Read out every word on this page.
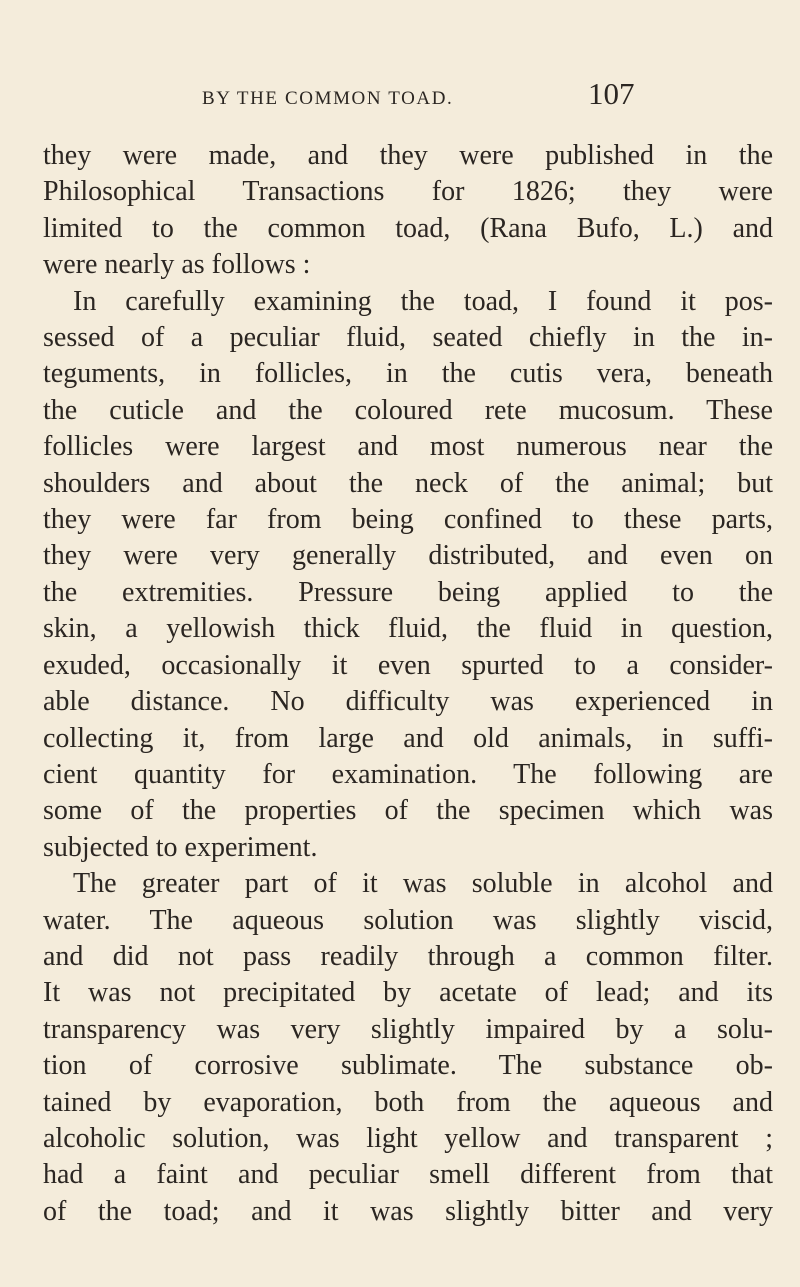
BY THE COMMON TOAD.	107
they were made, and they were published in the
Philosophical Transactions for 1826; they were
limited to the common toad, (Rana Bufo, L.) and
were nearly as follows :
In carefully examining the toad, I found it pos-
sessed of a peculiar fluid, seated chiefly in the in-
teguments, in follicles, in the cutis vera, beneath
the cuticle and the coloured rete mucosum. These
follicles were largest and most numerous near the
shoulders and about the neck of the animal; but
they were far from being confined to these parts,
they were very generally distributed, and even on
the extremities. Pressure being applied to the
skin, a yellowish thick fluid, the fluid in question,
exuded, occasionally it even spurted to a consider-
able distance. No difficulty was experienced in
collecting it, from large and old animals, in suffi-
cient quantity for examination. The following are
some of the properties of the specimen which was
subjected to experiment.
The greater part of it was soluble in alcohol and
water. The aqueous solution was slightly viscid,
and did not pass readily through a common filter.
It was not precipitated by acetate of lead; and its
transparency was very slightly impaired by a solu-
tion of corrosive sublimate. The substance ob-
tained by evaporation, both from the aqueous and
alcoholic solution, was light yellow and transparent ;
had a faint and peculiar smell different from that
of the toad; and it was slightly bitter and very
